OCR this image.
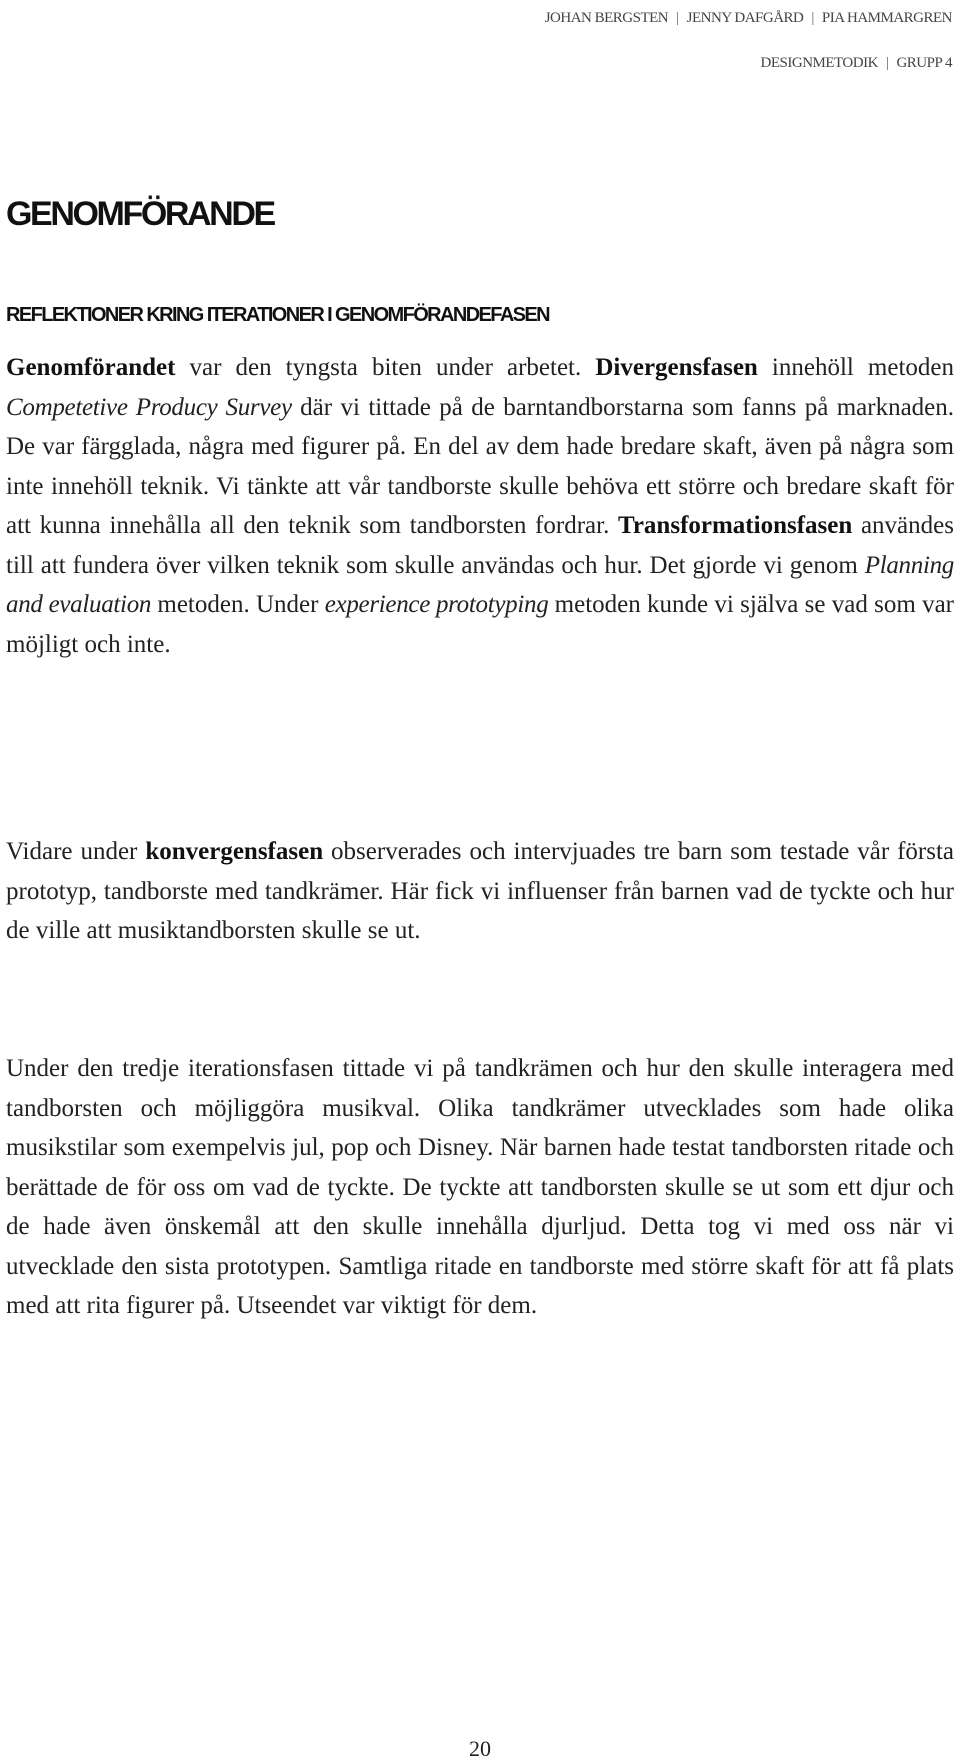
JOHAN BERGSTEN | JENNY DAFGÅRD | PIA HAMMARGREN
DESIGNMETODIK | GRUPP 4
GENOMFÖRANDE
REFLEKTIONER KRING ITERATIONER I GENOMFÖRANDEFASEN

Genomförandet var den tyngsta biten under arbetet. Divergensfasen innehöll metoden Competetive Producy Survey där vi tittade på de barntandborstarna som fanns på marknaden. De var färgglada, några med figurer på. En del av dem hade bredare skaft, även på några som inte innehöll teknik. Vi tänkte att vår tandborste skulle behöva ett större och bredare skaft för att kunna innehålla all den teknik som tandborsten fordrar. Transformationsfasen användes till att fundera över vilken teknik som skulle användas och hur. Det gjorde vi genom Planning and evaluation metoden. Under experience prototyping metoden kunde vi själva se vad som var möjligt och inte.

Vidare under konvergensfasen observerades och intervjuades tre barn som testade vår första prototyp, tandborste med tandkrämer. Här fick vi influenser från barnen vad de tyckte och hur de ville att musiktandborsten skulle se ut.

Under den tredje iterationsfasen tittade vi på tandkrämen och hur den skulle interagera med tandborsten och möjliggöra musikval. Olika tandkrämer utvecklades som hade olika musikstilar som exempelvis jul, pop och Disney. När barnen hade testat tandborsten ritade och berättade de för oss om vad de tyckte. De tyckte att tandborsten skulle se ut som ett djur och de hade även önskemål att den skulle innehålla djurljud. Detta tog vi med oss när vi utvecklade den sista prototypen. Samtliga ritade en tandborste med större skaft för att få plats med att rita figurer på. Utseendet var viktigt för dem.

20
